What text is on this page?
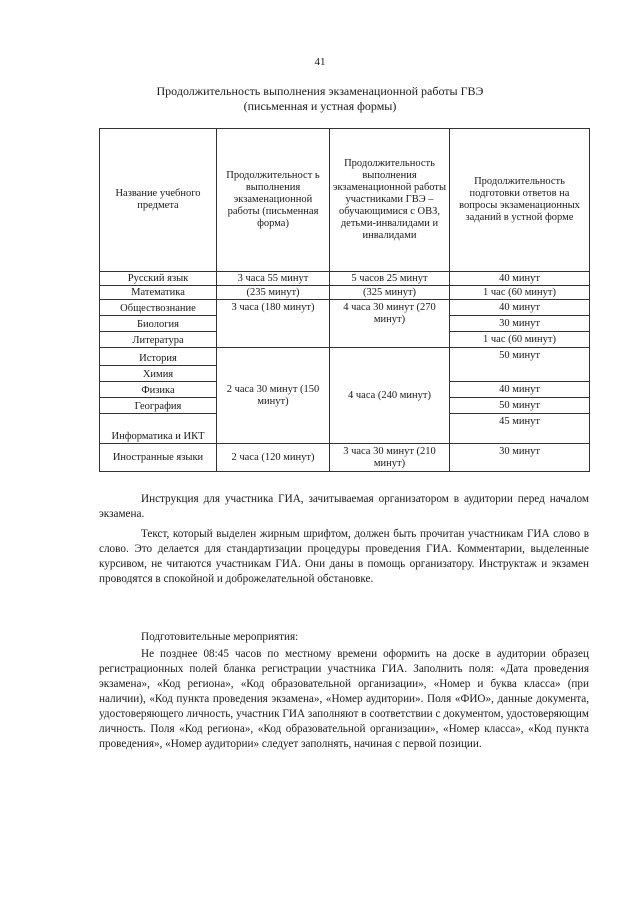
41
Продолжительность выполнения экзаменационной работы ГВЭ
(письменная и устная формы)
Название учебного предмета	Продолжительност ь выполнения экзаменационной работы (письменная форма)	Продолжительность выполнения экзаменационной работы участниками ГВЭ – обучающимися с ОВЗ, детьми-инвалидами и инвалидами	Продолжительность подготовки ответов на вопросы экзаменационных заданий в устной форме
Русский язык	3 часа 55 минут	5 часов 25 минут	40 минут
Математика	(235 минут)	(325 минут)	1 час (60 минут)
Обществознание	3 часа (180 минут)	4 часа 30 минут (270 минут)	40 минут
Биология			30 минут
Литература			1 час (60 минут)
История	2 часа 30 минут (150 минут)	4 часа (240 минут)	50 минут
Химия			
Физика			40 минут
География			50 минут
Информатика и ИКТ			45 минут
Иностранные языки	2 часа (120 минут)	3 часа 30 минут (210 минут)	30 минут

Инструкция для участника ГИА, зачитываемая организатором в аудитории перед началом экзамена.

Текст, который выделен жирным шрифтом, должен быть прочитан участникам ГИА слово в слово. Это делается для стандартизации процедуры проведения ГИА. Комментарии, выделенные курсивом, не читаются участникам ГИА. Они даны в помощь организатору. Инструктаж и экзамен проводятся в спокойной и доброжелательной обстановке.

Подготовительные мероприятия:

Не позднее 08:45 часов по местному времени оформить на доске в аудитории образец регистрационных полей бланка регистрации участника ГИА. Заполнить поля: «Дата проведения экзамена», «Код региона», «Код образовательной организации», «Номер и буква класса» (при наличии), «Код пункта проведения экзамена», «Номер аудитории». Поля «ФИО», данные документа, удостоверяющего личность, участник ГИА заполняют в соответствии с документом, удостоверяющим личность. Поля «Код региона», «Код образовательной организации», «Номер класса», «Код пункта проведения», «Номер аудитории» следует заполнять, начиная с первой позиции.
